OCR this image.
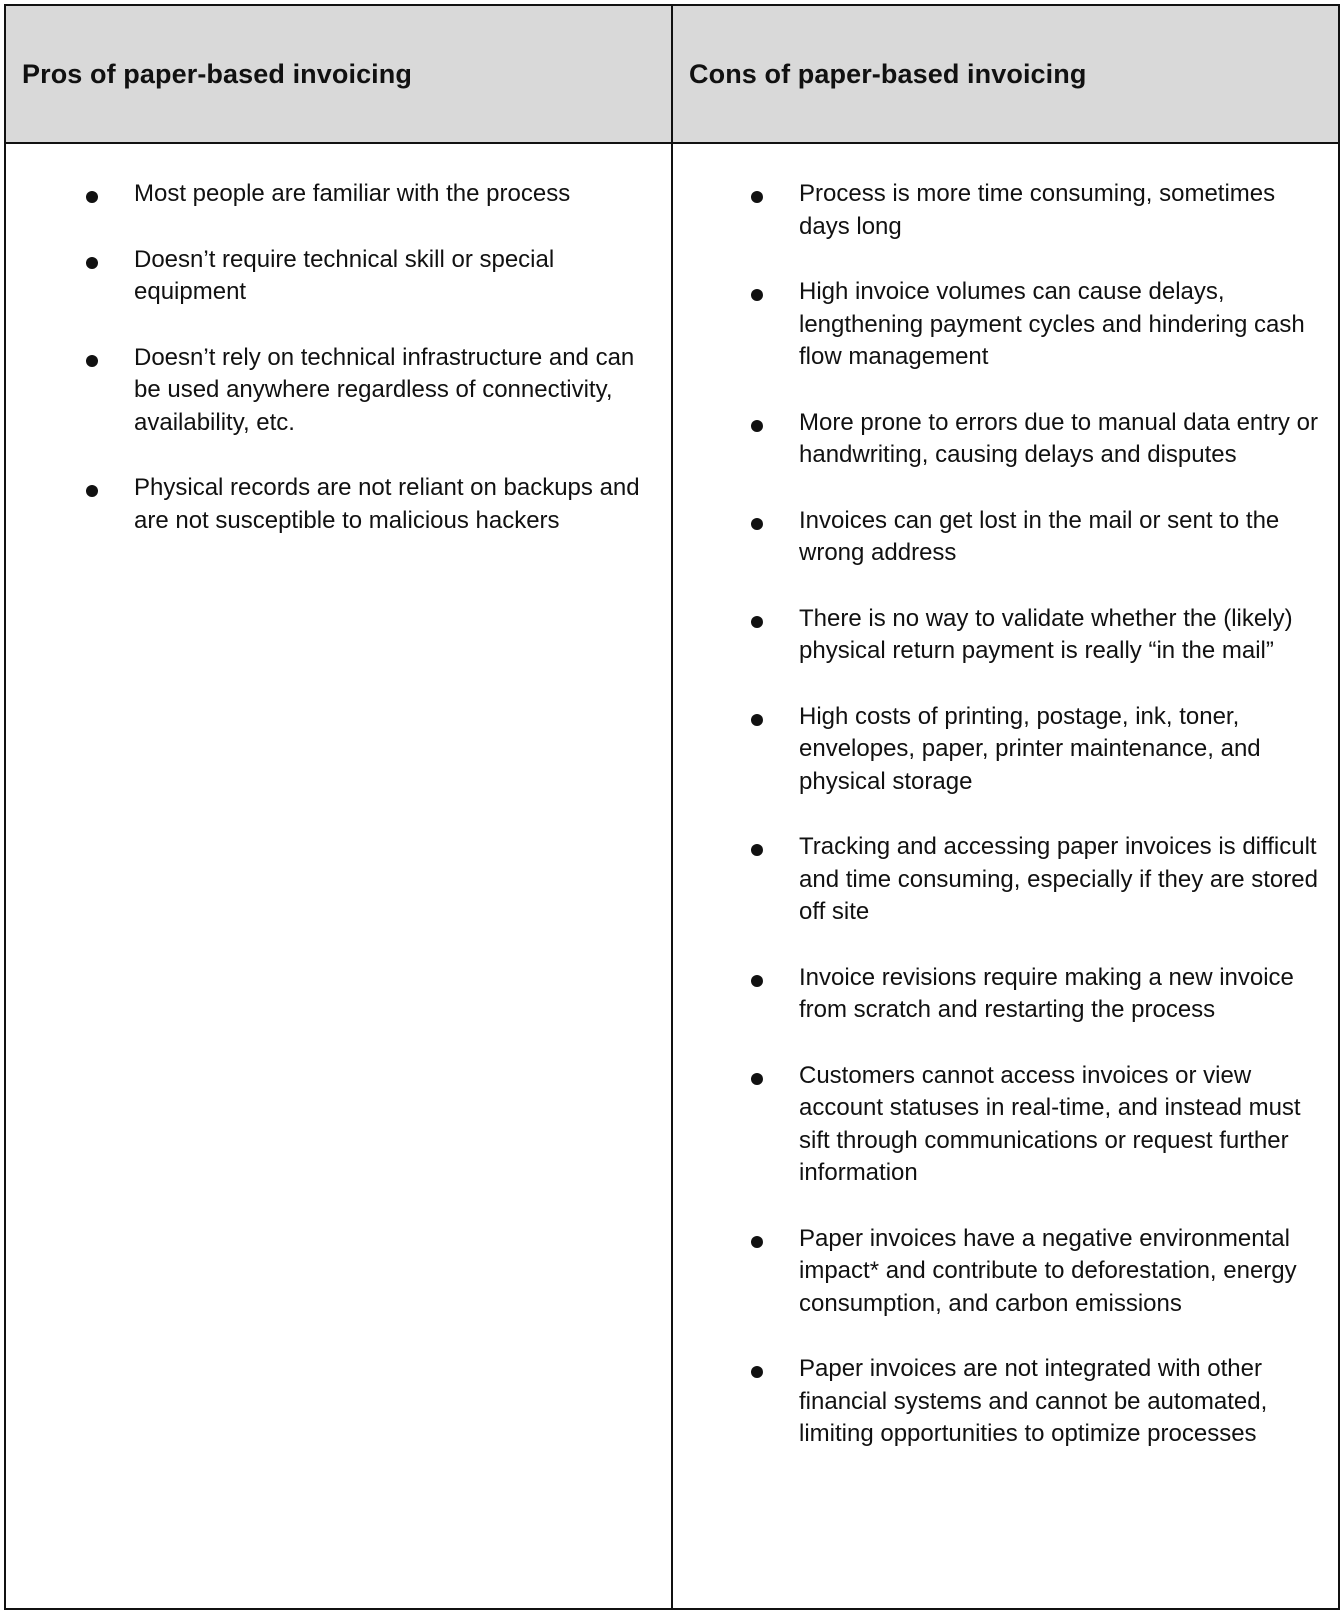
Pros of paper-based invoicing	Cons of paper-based invoicing
Most people are familiar with the process
Doesn’t require technical skill or special equipment
Doesn’t rely on technical infrastructure and can be used anywhere regardless of connectivity, availability, etc.
Physical records are not reliant on backups and are not susceptible to malicious hackers
Process is more time consuming, sometimes days long
High invoice volumes can cause delays, lengthening payment cycles and hindering cash flow management
More prone to errors due to manual data entry or handwriting, causing delays and disputes
Invoices can get lost in the mail or sent to the wrong address
There is no way to validate whether the (likely) physical return payment is really “in the mail”
High costs of printing, postage, ink, toner, envelopes, paper, printer maintenance, and physical storage
Tracking and accessing paper invoices is difficult and time consuming, especially if they are stored off site
Invoice revisions require making a new invoice from scratch and restarting the process
Customers cannot access invoices or view account statuses in real-time, and instead must sift through communications or request further information
Paper invoices have a negative environmental impact* and contribute to deforestation, energy consumption, and carbon emissions
Paper invoices are not integrated with other financial systems and cannot be automated, limiting opportunities to optimize processes
